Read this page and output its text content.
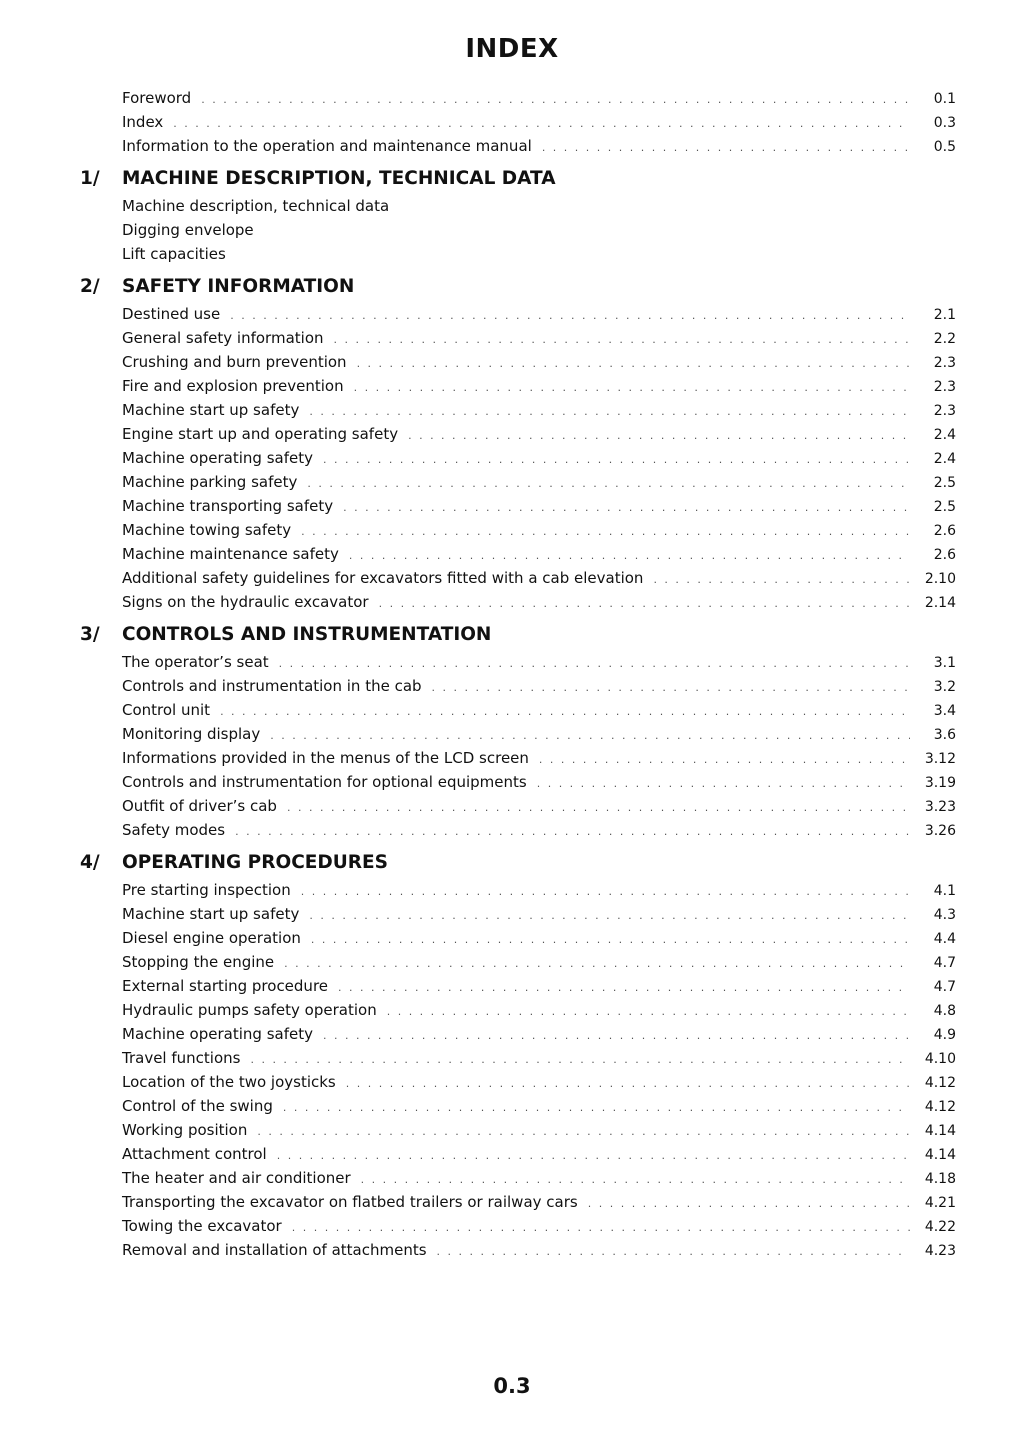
INDEX
Foreword . . .	0.1
Index . . .	0.3
Information to the operation and maintenance manual . . .	0.5
1/	MACHINE DESCRIPTION, TECHNICAL DATA
Machine description, technical data
Digging envelope
Lift capacities
2/	SAFETY INFORMATION
Destined use . . .	2.1
General safety information . . .	2.2
Crushing and burn prevention . . .	2.3
Fire and explosion prevention . . .	2.3
Machine start up safety . . .	2.3
Engine start up and operating safety . . .	2.4
Machine operating safety . . .	2.4
Machine parking safety . . .	2.5
Machine transporting safety . . .	2.5
Machine towing safety . . .	2.6
Machine maintenance safety . . .	2.6
Additional safety guidelines for excavators fitted with a cab elevation . . .	2.10
Signs on the hydraulic excavator . . .	2.14
3/	CONTROLS AND INSTRUMENTATION
The operator’s seat . . .	3.1
Controls and instrumentation in the cab . . .	3.2
Control unit . . .	3.4
Monitoring display . . .	3.6
Informations provided in the menus of the LCD screen . . .	3.12
Controls and instrumentation for optional equipments . . .	3.19
Outfit of driver’s cab . . .	3.23
Safety modes . . .	3.26
4/	OPERATING PROCEDURES
Pre starting inspection . . .	4.1
Machine start up safety . . .	4.3
Diesel engine operation . . .	4.4
Stopping the engine . . .	4.7
External starting procedure . . .	4.7
Hydraulic pumps safety operation . . .	4.8
Machine operating safety . . .	4.9
Travel functions . . .	4.10
Location of the two joysticks . . .	4.12
Control of the swing . . .	4.12
Working position . . .	4.14
Attachment control . . .	4.14
The heater and air conditioner . . .	4.18
Transporting the excavator on flatbed trailers or railway cars . . .	4.21
Towing the excavator . . .	4.22
Removal and installation of attachments . . .	4.23
0.3
